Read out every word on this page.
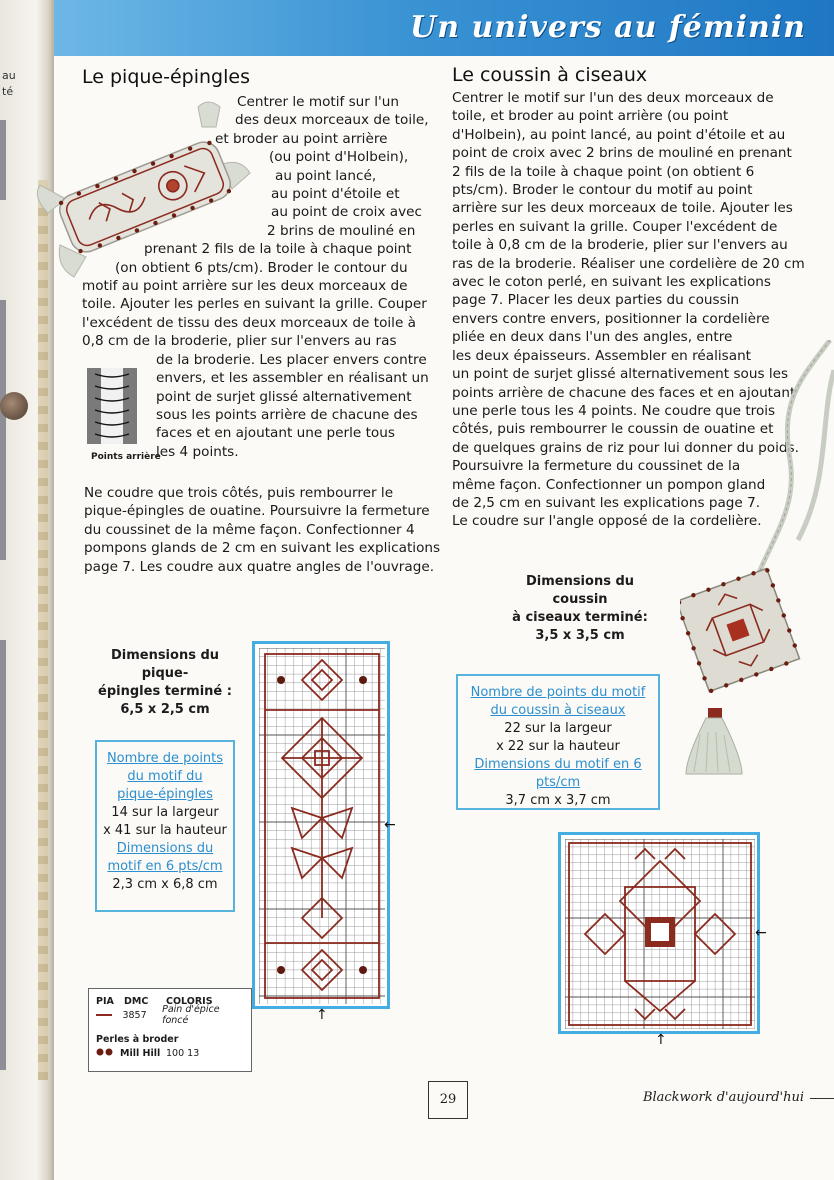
au
té
Un univers au féminin
Le pique-épingles
Centrer le motif sur l'un
des deux morceaux de toile,
et broder au point arrière
(ou point d'Holbein),
au point lancé,
au point d'étoile et
au point de croix avec
2 brins de mouliné en
prenant 2 fils de la toile à chaque point
(on obtient 6 pts/cm). Broder le contour du
motif au point arrière sur les deux morceaux de
toile. Ajouter les perles en suivant la grille. Couper
l'excédent de tissu des deux morceaux de toile à
0,8 cm de la broderie, plier sur l'envers au ras
de la broderie. Les placer envers contre
envers, et les assembler en réalisant un
point de surjet glissé alternativement
sous les points arrière de chacune des
faces et en ajoutant une perle tous
les 4 points.
Points arrière
Ne coudre que trois côtés, puis rembourrer le
pique-épingles de ouatine. Poursuivre la fermeture
du coussinet de la même façon. Confectionner 4
pompons glands de 2 cm en suivant les explications
page 7. Les coudre aux quatre angles de l'ouvrage.
Dimensions du pique-
épingles terminé :
6,5 x 2,5 cm
Nombre de points
du motif du
pique-épingles
14 sur la largeur
x 41 sur la hauteur
Dimensions du
motif en 6 pts/cm
2,3 cm x 6,8 cm
←
↑
PIA	DMC	COLORIS
3857	Pain d'épice foncé
Perles à broder
Mill Hill 100 13
Le coussin à ciseaux
Centrer le motif sur l'un des deux morceaux de
toile, et broder au point arrière (ou point
d'Holbein), au point lancé, au point d'étoile et au
point de croix avec 2 brins de mouliné en prenant
2 fils de la toile à chaque point (on obtient 6
pts/cm). Broder le contour du motif au point
arrière sur les deux morceaux de toile. Ajouter les
perles en suivant la grille. Couper l'excédent de
toile à 0,8 cm de la broderie, plier sur l'envers au
ras de la broderie. Réaliser une cordelière de 20 cm
avec le coton perlé, en suivant les explications
page 7. Placer les deux parties du coussin
envers contre envers, positionner la cordelière
pliée en deux dans l'un des angles, entre
les deux épaisseurs. Assembler en réalisant
un point de surjet glissé alternativement sous les
points arrière de chacune des faces et en ajoutant
une perle tous les 4 points. Ne coudre que trois
côtés, puis rembourrer le coussin de ouatine et
de quelques grains de riz pour lui donner du poids.
Poursuivre la fermeture du coussinet de la
même façon. Confectionner un pompon gland
de 2,5 cm en suivant les explications page 7.
Le coudre sur l'angle opposé de la cordelière.
Dimensions du coussin
à ciseaux terminé:
3,5 x 3,5 cm
Nombre de points du motif
du coussin à ciseaux
22 sur la largeur
x 22 sur la hauteur
Dimensions du motif en 6
pts/cm
3,7 cm x 3,7 cm
←
↑
29	Blackwork d'aujourd'hui
